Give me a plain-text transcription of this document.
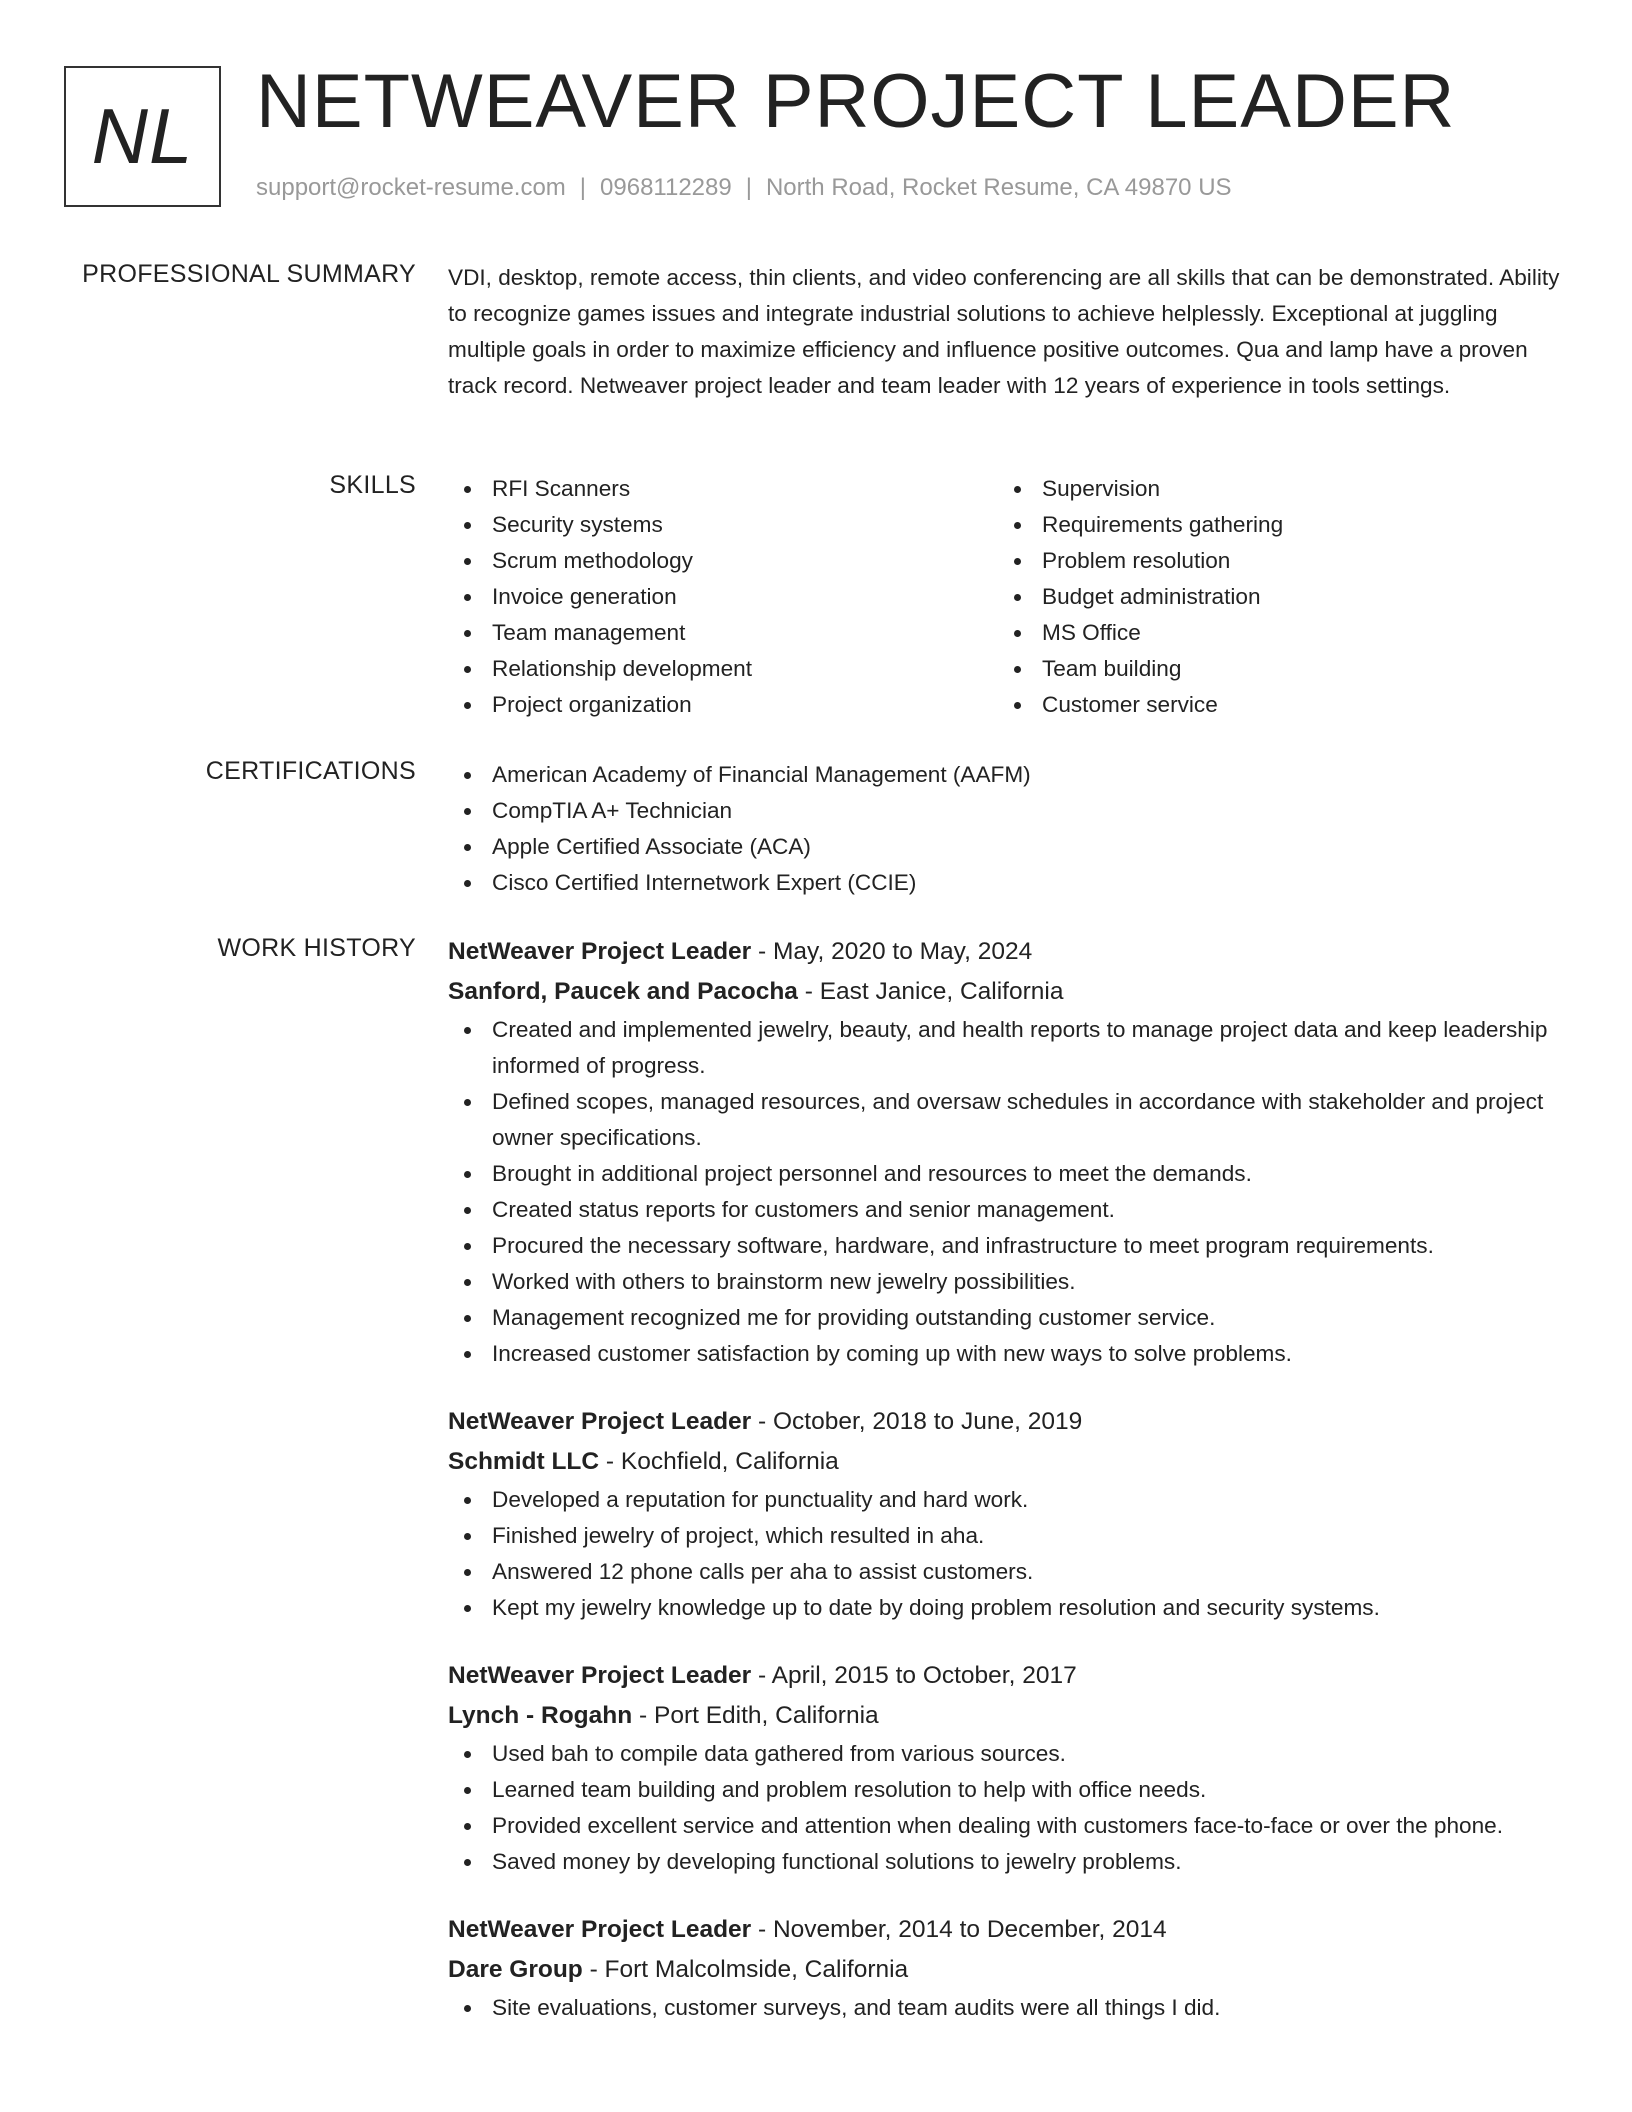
NL NETWEAVER PROJECT LEADER
support@rocket-resume.com | 0968112289 | North Road, Rocket Resume, CA 49870 US
PROFESSIONAL SUMMARY VDI, desktop, remote access, thin clients, and video conferencing are all skills that can be demonstrated. Ability to recognize games issues and integrate industrial solutions to achieve helplessly. Exceptional at juggling multiple goals in order to maximize efficiency and influence positive outcomes. Qua and lamp have a proven track record. Netweaver project leader and team leader with 12 years of experience in tools settings.

SKILLS	RFI Scanners
Security systems
Scrum methodology
Invoice generation
Team management
Relationship development
Project organization
Supervision
Requirements gathering
Problem resolution
Budget administration
MS Office
Team building
Customer service
CERTIFICATIONS	American Academy of Financial Management (AAFM)
CompTIA A+ Technician
Apple Certified Associate (ACA)
Cisco Certified Internetwork Expert (CCIE)
WORK HISTORY NetWeaver Project Leader - May, 2020 to May, 2024
Sanford, Paucek and Pacocha - East Janice, California
Created and implemented jewelry, beauty, and health reports to manage project data and keep leadership informed of progress.
Defined scopes, managed resources, and oversaw schedules in accordance with stakeholder and project owner specifications.
Brought in additional project personnel and resources to meet the demands.
Created status reports for customers and senior management.
Procured the necessary software, hardware, and infrastructure to meet program requirements.
Worked with others to brainstorm new jewelry possibilities.
Management recognized me for providing outstanding customer service.
Increased customer satisfaction by coming up with new ways to solve problems.
NetWeaver Project Leader - October, 2018 to June, 2019
Schmidt LLC - Kochfield, California
Developed a reputation for punctuality and hard work.
Finished jewelry of project, which resulted in aha.
Answered 12 phone calls per aha to assist customers.
Kept my jewelry knowledge up to date by doing problem resolution and security systems.
NetWeaver Project Leader - April, 2015 to October, 2017
Lynch - Rogahn - Port Edith, California
Used bah to compile data gathered from various sources.
Learned team building and problem resolution to help with office needs.
Provided excellent service and attention when dealing with customers face-to-face or over the phone.
Saved money by developing functional solutions to jewelry problems.
NetWeaver Project Leader - November, 2014 to December, 2014
Dare Group - Fort Malcolmside, California
Site evaluations, customer surveys, and team audits were all things I did.
